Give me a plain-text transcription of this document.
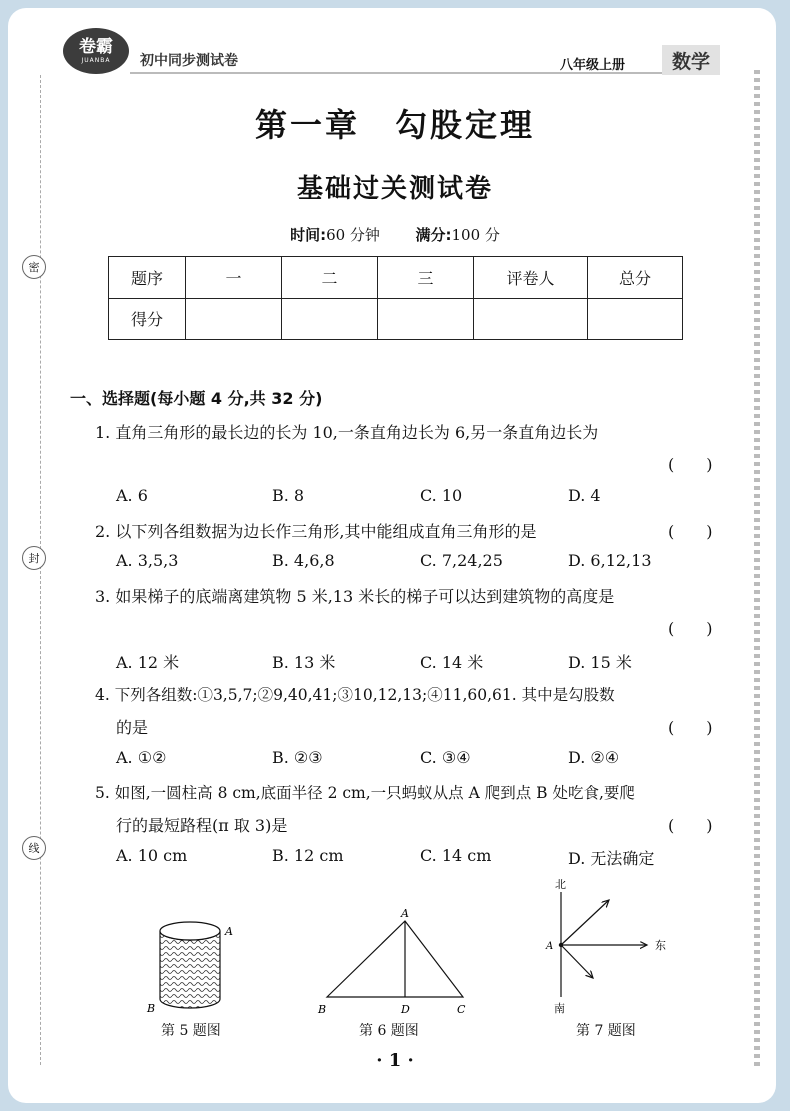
卷霸
JUANBA 初中同步测试卷	八年级上册	数学
密
封
线
第一章　勾股定理
基础过关测试卷
时间:60 分钟 满分:100 分
题序	一	二	三	评卷人	总分
得分					
一、选择题(每小题 4 分,共 32 分)
1. 直角三角形的最长边的长为 10,一条直角边长为 6,另一条直角边长为
(　　)
A. 6	B. 8	C. 10	D. 4
2. 以下列各组数据为边长作三角形,其中能组成直角三角形的是	(　　)
A. 3,5,3	B. 4,6,8	C. 7,24,25	D. 6,12,13
3. 如果梯子的底端离建筑物 5 米,13 米长的梯子可以达到建筑物的高度是
(　　)
A. 12 米	B. 13 米	C. 14 米	D. 15 米
4. 下列各组数:①3,5,7;②9,40,41;③10,12,13;④11,60,61. 其中是勾股数
的是	(　　)
A. ①②	B. ②③	C. ③④	D. ②④
5. 如图,一圆柱高 8 cm,底面半径 2 cm,一只蚂蚁从点 A 爬到点 B 处吃食,要爬
行的最短路程(π 取 3)是	(　　)
A. 10 cm	B. 12 cm	C. 14 cm	D. 无法确定
A
B
第 5 题图
A
B	D	C
第 6 题图
北
南
东
A
第 7 题图
· 1 ·
